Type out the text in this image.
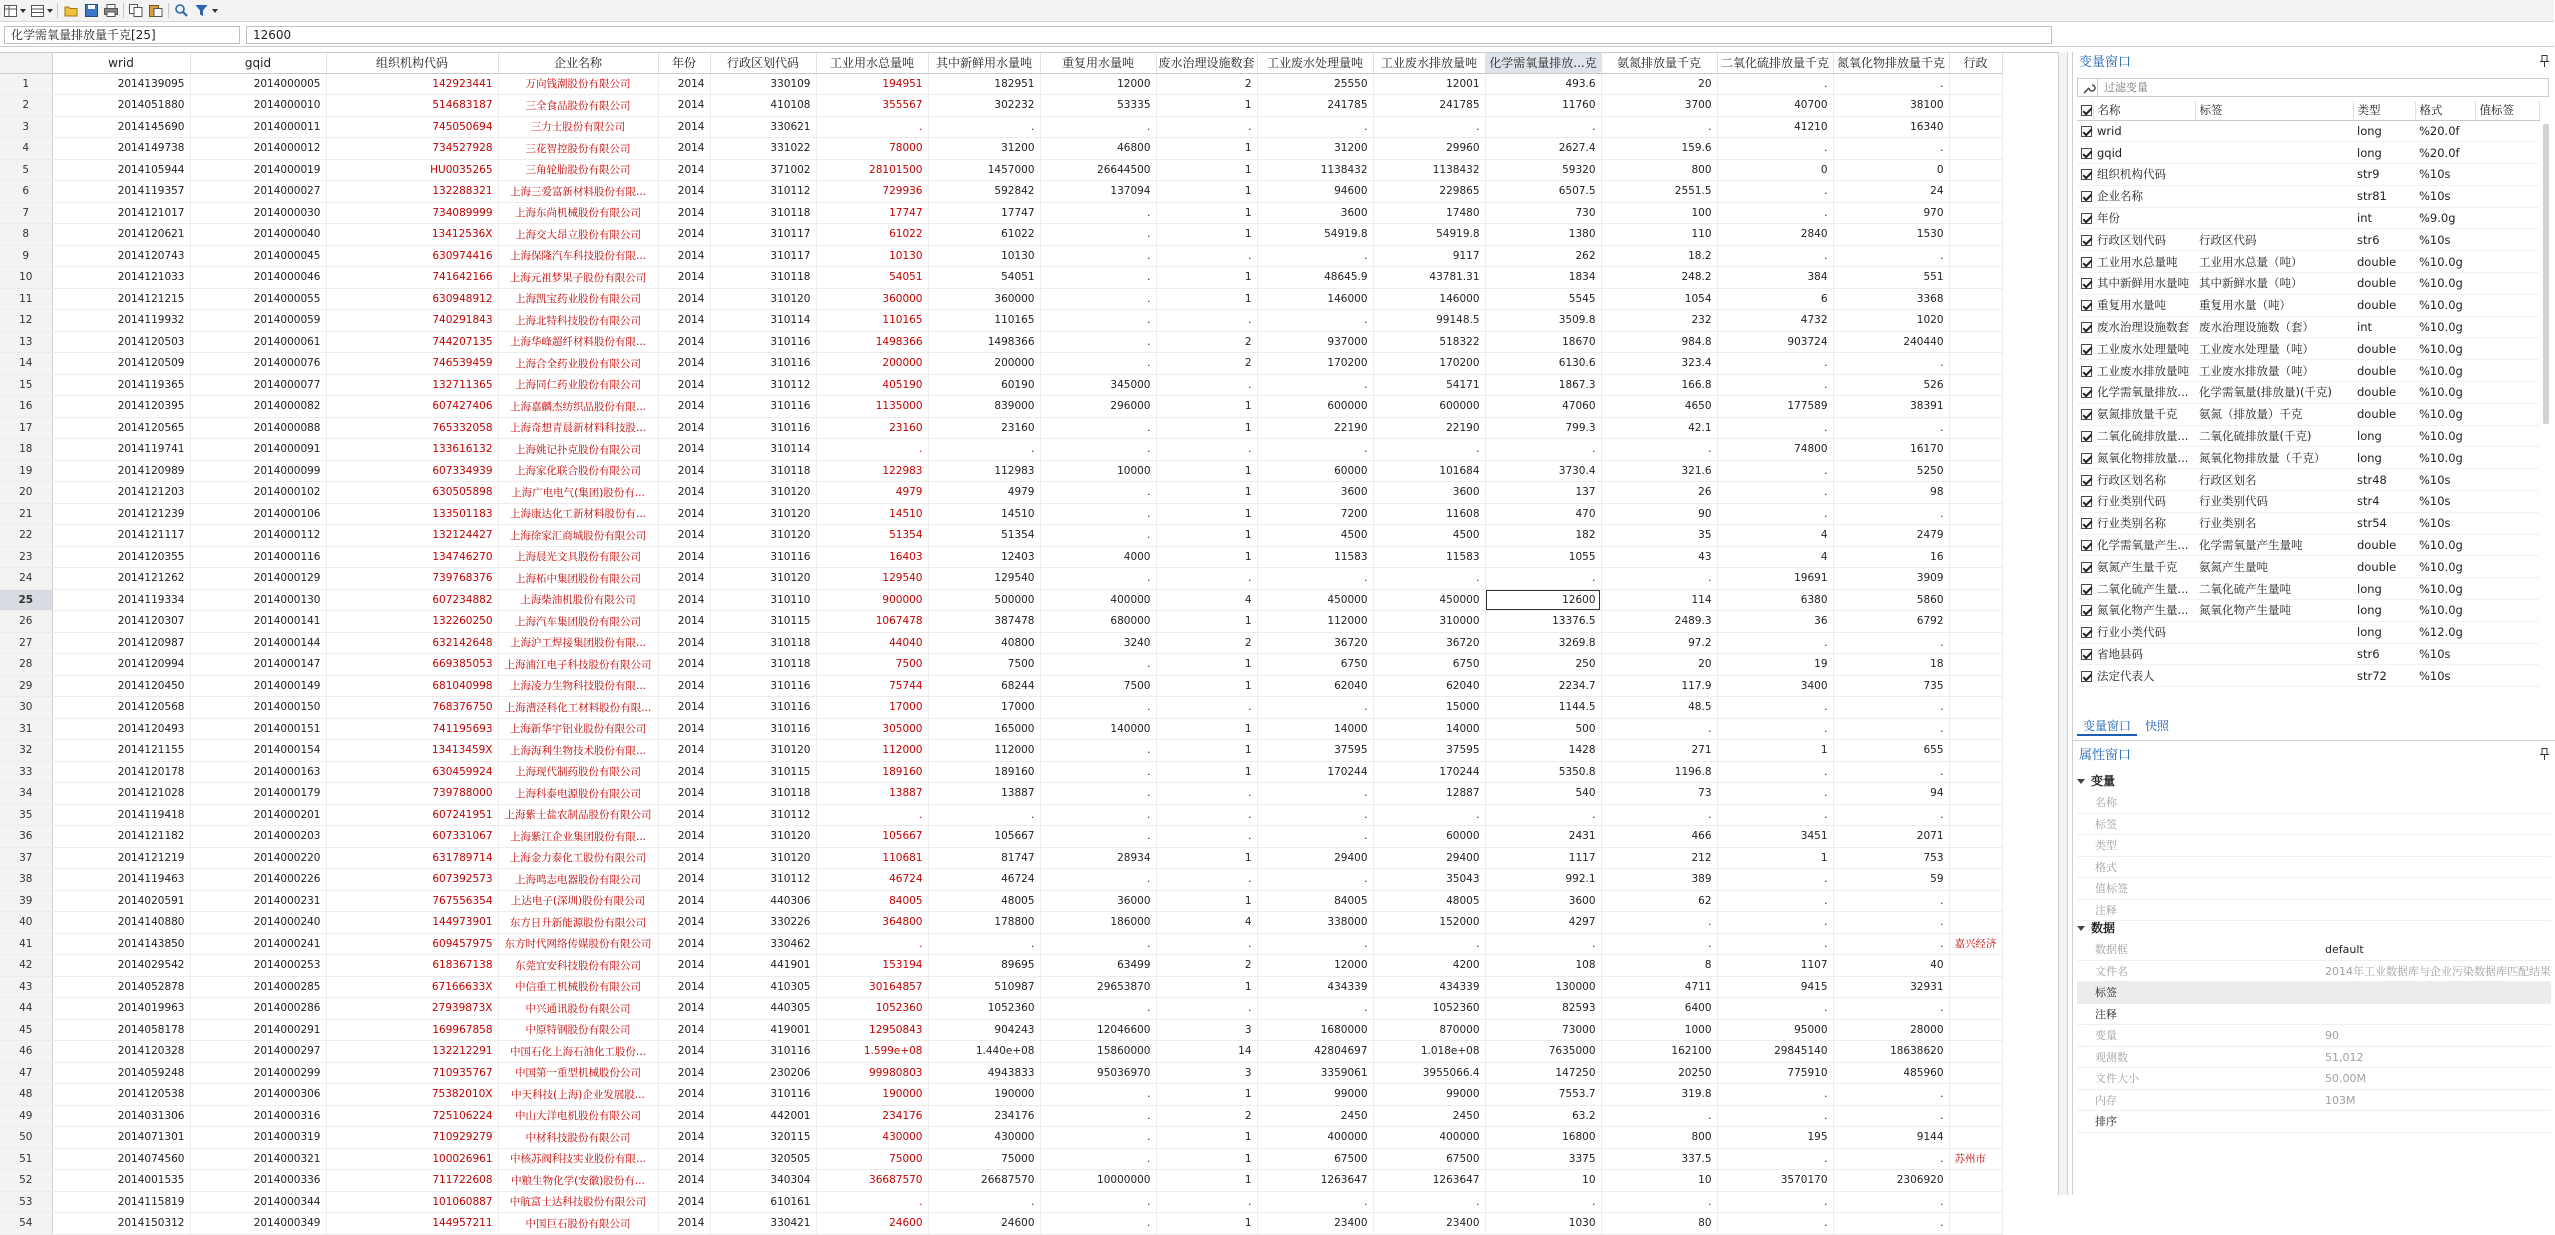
化学需氧量排放量千克[25]	12600
	wrid	gqid	组织机构代码	企业名称	年份	行政区划代码	工业用水总量吨	其中新鲜用水量吨	重复用水量吨	废水治理设施数套	工业废水处理量吨	工业废水排放量吨	化学需氧量排放...克	氨氮排放量千克	二氧化硫排放量千克	氮氧化物排放量千克	行政
1	2014139095	2014000005	142923441	万向钱潮股份有限公司	2014	330109	194951	182951	12000	2	25550	12001	493.6	20	.	.	
2	2014051880	2014000010	514683187	三全食品股份有限公司	2014	410108	355567	302232	53335	1	241785	241785	11760	3700	40700	38100	
3	2014145690	2014000011	745050694	三力士股份有限公司	2014	330621	.	.	.	.	.	.	.	.	41210	16340	
4	2014149738	2014000012	734527928	三花智控股份有限公司	2014	331022	78000	31200	46800	1	31200	29960	2627.4	159.6	.	.	
5	2014105944	2014000019	HU0035265	三角轮胎股份有限公司	2014	371002	28101500	1457000	26644500	1	1138432	1138432	59320	800	0	0	
6	2014119357	2014000027	132288321	上海三爱富新材料股份有限...	2014	310112	729936	592842	137094	1	94600	229865	6507.5	2551.5	.	24	
7	2014121017	2014000030	734089999	上海东尚机械股份有限公司	2014	310118	17747	17747	.	1	3600	17480	730	100	.	970	
8	2014120621	2014000040	13412536X	上海交大昂立股份有限公司	2014	310117	61022	61022	.	1	54919.8	54919.8	1380	110	2840	1530	
9	2014120743	2014000045	630974416	上海保隆汽车科技股份有限...	2014	310117	10130	10130	.	.	.	9117	262	18.2	.	.	
10	2014121033	2014000046	741642166	上海元祖梦果子股份有限公司	2014	310118	54051	54051	.	1	48645.9	43781.31	1834	248.2	384	551	
11	2014121215	2014000055	630948912	上海凯宝药业股份有限公司	2014	310120	360000	360000	.	1	146000	146000	5545	1054	6	3368	
12	2014119932	2014000059	740291843	上海北特科技股份有限公司	2014	310114	110165	110165	.	.	.	99148.5	3509.8	232	4732	1020	
13	2014120503	2014000061	744207135	上海华峰超纤材料股份有限...	2014	310116	1498366	1498366	.	2	937000	518322	18670	984.8	903724	240440	
14	2014120509	2014000076	746539459	上海合全药业股份有限公司	2014	310116	200000	200000	.	2	170200	170200	6130.6	323.4	.	.	
15	2014119365	2014000077	132711365	上海同仁药业股份有限公司	2014	310112	405190	60190	345000	.	.	54171	1867.3	166.8	.	526	
16	2014120395	2014000082	607427406	上海嘉麟杰纺织品股份有限...	2014	310116	1135000	839000	296000	1	600000	600000	47060	4650	177589	38391	
17	2014120565	2014000088	765332058	上海奇想青晨新材料科技股...	2014	310116	23160	23160	.	1	22190	22190	799.3	42.1	.	.	
18	2014119741	2014000091	133616132	上海姚记扑克股份有限公司	2014	310114	.	.	.	.	.	.	.	.	74800	16170	
19	2014120989	2014000099	607334939	上海家化联合股份有限公司	2014	310118	122983	112983	10000	1	60000	101684	3730.4	321.6	.	5250	
20	2014121203	2014000102	630505898	上海广电电气(集团)股份有...	2014	310120	4979	4979	.	1	3600	3600	137	26	.	98	
21	2014121239	2014000106	133501183	上海康达化工新材料股份有...	2014	310120	14510	14510	.	1	7200	11608	470	90	.	.	
22	2014121117	2014000112	132124427	上海徐家汇商城股份有限公司	2014	310120	51354	51354	.	1	4500	4500	182	35	4	2479	
23	2014120355	2014000116	134746270	上海晨光文具股份有限公司	2014	310116	16403	12403	4000	1	11583	11583	1055	43	4	16	
24	2014121262	2014000129	739768376	上海柘中集团股份有限公司	2014	310120	129540	129540	.	.	.	.	.	.	19691	3909	
25	2014119334	2014000130	607234882	上海柴油机股份有限公司	2014	310110	900000	500000	400000	4	450000	450000	12600	114	6380	5860	
26	2014120307	2014000141	132260250	上海汽车集团股份有限公司	2014	310115	1067478	387478	680000	1	112000	310000	13376.5	2489.3	36	6792	
27	2014120987	2014000144	632142648	上海沪工焊接集团股份有限...	2014	310118	44040	40800	3240	2	36720	36720	3269.8	97.2	.	.	
28	2014120994	2014000147	669385053	上海浦江电子科技股份有限公司	2014	310118	7500	7500	.	1	6750	6750	250	20	19	18	
29	2014120450	2014000149	681040998	上海凌力生物科技股份有限...	2014	310116	75744	68244	7500	1	62040	62040	2234.7	117.9	3400	735	
30	2014120568	2014000150	768376750	上海漕泾科化工材料股份有限...	2014	310116	17000	17000	.	.	.	15000	1144.5	48.5	.	.	
31	2014120493	2014000151	741195693	上海新华宇铝业股份有限公司	2014	310116	305000	165000	140000	1	14000	14000	500	.	.	.	
32	2014121155	2014000154	13413459X	上海海利生物技术股份有限...	2014	310120	112000	112000	.	1	37595	37595	1428	271	1	655	
33	2014120178	2014000163	630459924	上海现代制药股份有限公司	2014	310115	189160	189160	.	1	170244	170244	5350.8	1196.8	.	.	
34	2014121028	2014000179	739788000	上海科泰电源股份有限公司	2014	310118	13887	13887	.	.	.	12887	540	73	.	94	
35	2014119418	2014000201	607241951	上海紫士盐农制品股份有限公司	2014	310112	.	.	.	.	.	.	.	.	.	.	
36	2014121182	2014000203	607331067	上海紫江企业集团股份有限...	2014	310120	105667	105667	.	.	.	60000	2431	466	3451	2071	
37	2014121219	2014000220	631789714	上海金力泰化工股份有限公司	2014	310120	110681	81747	28934	1	29400	29400	1117	212	1	753	
38	2014119463	2014000226	607392573	上海鸣志电器股份有限公司	2014	310112	46724	46724	.	.	.	35043	992.1	389	.	59	
39	2014020591	2014000231	767556354	上达电子(深圳)股份有限公司	2014	440306	84005	48005	36000	1	84005	48005	3600	62	.	.	
40	2014140880	2014000240	144973901	东方日升新能源股份有限公司	2014	330226	364800	178800	186000	4	338000	152000	4297	.	.	.	
41	2014143850	2014000241	609457975	东方时代网络传媒股份有限公司	2014	330462	.	.	.	.	.	.	.	.	.	.	嘉兴经济
42	2014029542	2014000253	618367138	东莞宜安科技股份有限公司	2014	441901	153194	89695	63499	2	12000	4200	108	8	1107	40	
43	2014052878	2014000285	67166633X	中信重工机械股份有限公司	2014	410305	30164857	510987	29653870	1	434339	434339	130000	4711	9415	32931	
44	2014019963	2014000286	27939873X	中兴通讯股份有限公司	2014	440305	1052360	1052360	.	.	.	1052360	82593	6400	.	.	
45	2014058178	2014000291	169967858	中原特钢股份有限公司	2014	419001	12950843	904243	12046600	3	1680000	870000	73000	1000	95000	28000	
46	2014120328	2014000297	132212291	中国石化上海石油化工股份...	2014	310116	1.599e+08	1.440e+08	15860000	14	42804697	1.018e+08	7635000	162100	29845140	18638620	
47	2014059248	2014000299	710935767	中国第一重型机械股份公司	2014	230206	99980803	4943833	95036970	3	3359061	3955066.4	147250	20250	775910	485960	
48	2014120538	2014000306	75382010X	中天科技(上海)企业发展股...	2014	310116	190000	190000	.	1	99000	99000	7553.7	319.8	.	.	
49	2014031306	2014000316	725106224	中山大洋电机股份有限公司	2014	442001	234176	234176	.	2	2450	2450	63.2	.	.	.	
50	2014071301	2014000319	710929279	中材科技股份有限公司	2014	320115	430000	430000	.	1	400000	400000	16800	800	195	9144	
51	2014074560	2014000321	100026961	中核苏阀科技实业股份有限...	2014	320505	75000	75000	.	1	67500	67500	3375	337.5	.	.	苏州市
52	2014001535	2014000336	711722608	中粮生物化学(安徽)股份有...	2014	340304	36687570	26687570	10000000	1	1263647	1263647	10	10	3570170	2306920	
53	2014115819	2014000344	101060887	中航富士达科技股份有限公司	2014	610161	.	.	.	.	.	.	.	.	.	.	
54	2014150312	2014000349	144957211	中国巨石股份有限公司	2014	330421	24600	24600	.	1	23400	23400	1030	80	.	.	
变量窗口
过滤变量
	名称	标签	类型	格式	值标签
	wrid		long	%20.0f	
	gqid		long	%20.0f	
	组织机构代码		str9	%10s	
	企业名称		str81	%10s	
	年份		int	%9.0g	
	行政区划代码	行政区代码	str6	%10s	
	工业用水总量吨	工业用水总量（吨）	double	%10.0g	
	其中新鲜用水量吨	其中新鲜水量（吨）	double	%10.0g	
	重复用水量吨	重复用水量（吨）	double	%10.0g	
	废水治理设施数套	废水治理设施数（套）	int	%10.0g	
	工业废水处理量吨	工业废水处理量（吨）	double	%10.0g	
	工业废水排放量吨	工业废水排放量（吨）	double	%10.0g	
	化学需氧量排放...	化学需氧量(排放量)(千克)	double	%10.0g	
	氨氮排放量千克	氨氮（排放量）千克	double	%10.0g	
	二氧化硫排放量...	二氧化硫排放量(千克)	long	%10.0g	
	氮氧化物排放量...	氮氧化物排放量（千克）	long	%10.0g	
	行政区划名称	行政区划名	str48	%10s	
	行业类别代码	行业类别代码	str4	%10s	
	行业类别名称	行业类别名	str54	%10s	
	化学需氧量产生...	化学需氧量产生量吨	double	%10.0g	
	氨氮产生量千克	氨氮产生量吨	double	%10.0g	
	二氧化硫产生量...	二氧化硫产生量吨	long	%10.0g	
	氮氧化物产生量...	氮氧化物产生量吨	long	%10.0g	
	行业小类代码		long	%12.0g	
	省地县码		str6	%10s	
	法定代表人		str72	%10s	
变量窗口	快照
属性窗口
变量
名称
标签
类型
格式
值标签
注释
数据
数据框	default
文件名	2014年工业数据库与企业污染数据库匹配结果
标签
注释
变量	90
观测数	51,012
文件大小	50.00M
内存	103M
排序
